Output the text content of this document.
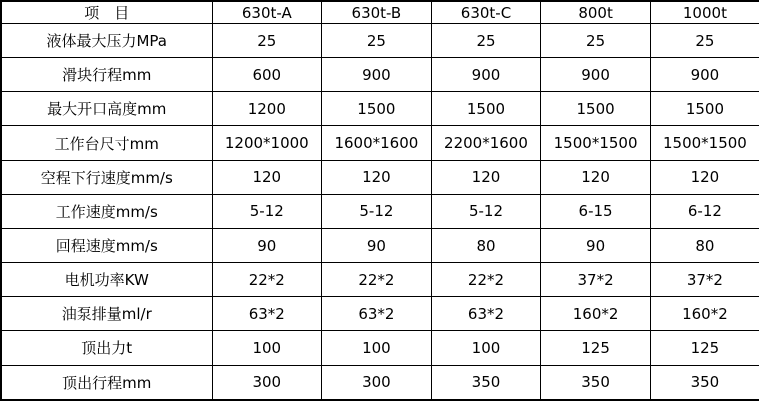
项　目	630t-A	630t-B	630t-C	800t	1000t
液体最大压力MPa	25	25	25	25	25
滑块行程mm	600	900	900	900	900
最大开口高度mm	1200	1500	1500	1500	1500
工作台尺寸mm	1200*1000	1600*1600	2200*1600	1500*1500	1500*1500
空程下行速度mm/s	120	120	120	120	120
工作速度mm/s	5-12	5-12	5-12	6-15	6-12
回程速度mm/s	90	90	80	90	80
电机功率KW	22*2	22*2	22*2	37*2	37*2
油泵排量ml/r	63*2	63*2	63*2	160*2	160*2
顶出力t	100	100	100	125	125
顶出行程mm	300	300	350	350	350
